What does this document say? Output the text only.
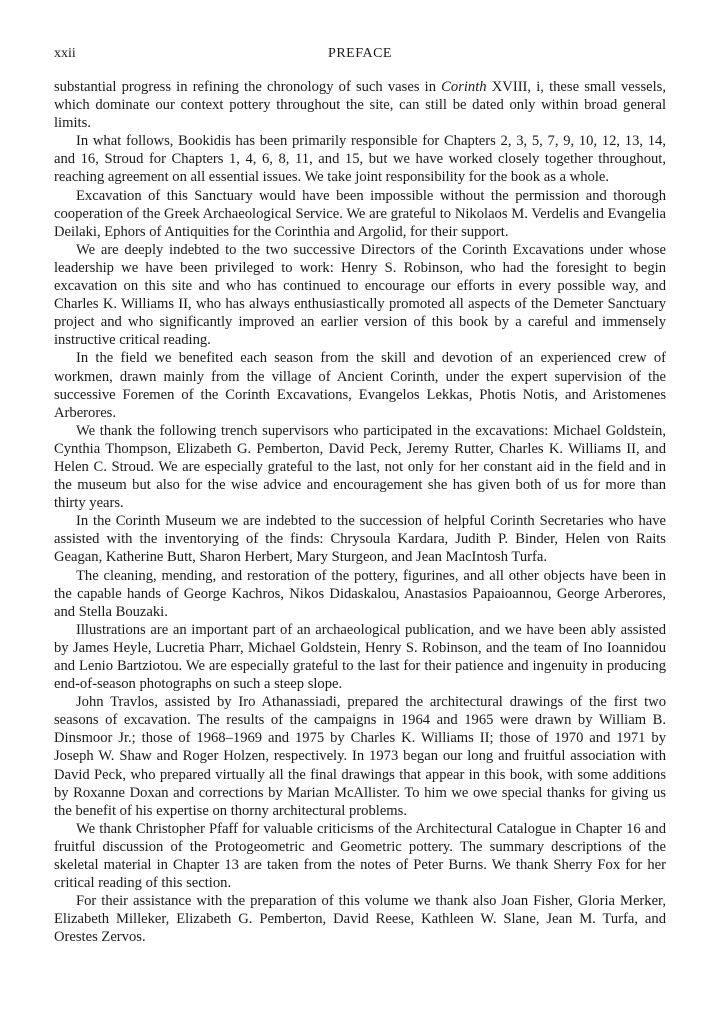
xxii	PREFACE

substantial progress in refining the chronology of such vases in Corinth XVIII, i, these small vessels, which dominate our context pottery throughout the site, can still be dated only within broad general limits.

In what follows, Bookidis has been primarily responsible for Chapters 2, 3, 5, 7, 9, 10, 12, 13, 14, and 16, Stroud for Chapters 1, 4, 6, 8, 11, and 15, but we have worked closely together throughout, reaching agreement on all essential issues. We take joint responsibility for the book as a whole.

Excavation of this Sanctuary would have been impossible without the permission and thorough cooperation of the Greek Archaeological Service. We are grateful to Nikolaos M. Verdelis and Evangelia Deilaki, Ephors of Antiquities for the Corinthia and Argolid, for their support.

We are deeply indebted to the two successive Directors of the Corinth Excavations under whose leadership we have been privileged to work: Henry S. Robinson, who had the foresight to begin excavation on this site and who has continued to encourage our efforts in every possible way, and Charles K. Williams II, who has always enthusiastically promoted all aspects of the Demeter Sanctuary project and who significantly improved an earlier version of this book by a careful and immensely instructive critical reading.

In the field we benefited each season from the skill and devotion of an experienced crew of workmen, drawn mainly from the village of Ancient Corinth, under the expert supervision of the successive Foremen of the Corinth Excavations, Evangelos Lekkas, Photis Notis, and Aristomenes Arberores.

We thank the following trench supervisors who participated in the excavations: Michael Goldstein, Cynthia Thompson, Elizabeth G. Pemberton, David Peck, Jeremy Rutter, Charles K. Williams II, and Helen C. Stroud. We are especially grateful to the last, not only for her constant aid in the field and in the museum but also for the wise advice and encouragement she has given both of us for more than thirty years.

In the Corinth Museum we are indebted to the succession of helpful Corinth Secretaries who have assisted with the inventorying of the finds: Chrysoula Kardara, Judith P. Binder, Helen von Raits Geagan, Katherine Butt, Sharon Herbert, Mary Sturgeon, and Jean MacIntosh Turfa.

The cleaning, mending, and restoration of the pottery, figurines, and all other objects have been in the capable hands of George Kachros, Nikos Didaskalou, Anastasios Papaioannou, George Arberores, and Stella Bouzaki.

Illustrations are an important part of an archaeological publication, and we have been ably assisted by James Heyle, Lucretia Pharr, Michael Goldstein, Henry S. Robinson, and the team of Ino Ioannidou and Lenio Bartziotou. We are especially grateful to the last for their patience and ingenuity in producing end-of-season photographs on such a steep slope.

John Travlos, assisted by Iro Athanassiadi, prepared the architectural drawings of the first two seasons of excavation. The results of the campaigns in 1964 and 1965 were drawn by William B. Dinsmoor Jr.; those of 1968–1969 and 1975 by Charles K. Williams II; those of 1970 and 1971 by Joseph W. Shaw and Roger Holzen, respectively. In 1973 began our long and fruitful association with David Peck, who prepared virtually all the final drawings that appear in this book, with some additions by Roxanne Doxan and corrections by Marian McAllister. To him we owe special thanks for giving us the benefit of his expertise on thorny architectural problems.

We thank Christopher Pfaff for valuable criticisms of the Architectural Catalogue in Chapter 16 and fruitful discussion of the Protogeometric and Geometric pottery. The summary descriptions of the skeletal material in Chapter 13 are taken from the notes of Peter Burns. We thank Sherry Fox for her critical reading of this section.

For their assistance with the preparation of this volume we thank also Joan Fisher, Gloria Merker, Elizabeth Milleker, Elizabeth G. Pemberton, David Reese, Kathleen W. Slane, Jean M. Turfa, and Orestes Zervos.
